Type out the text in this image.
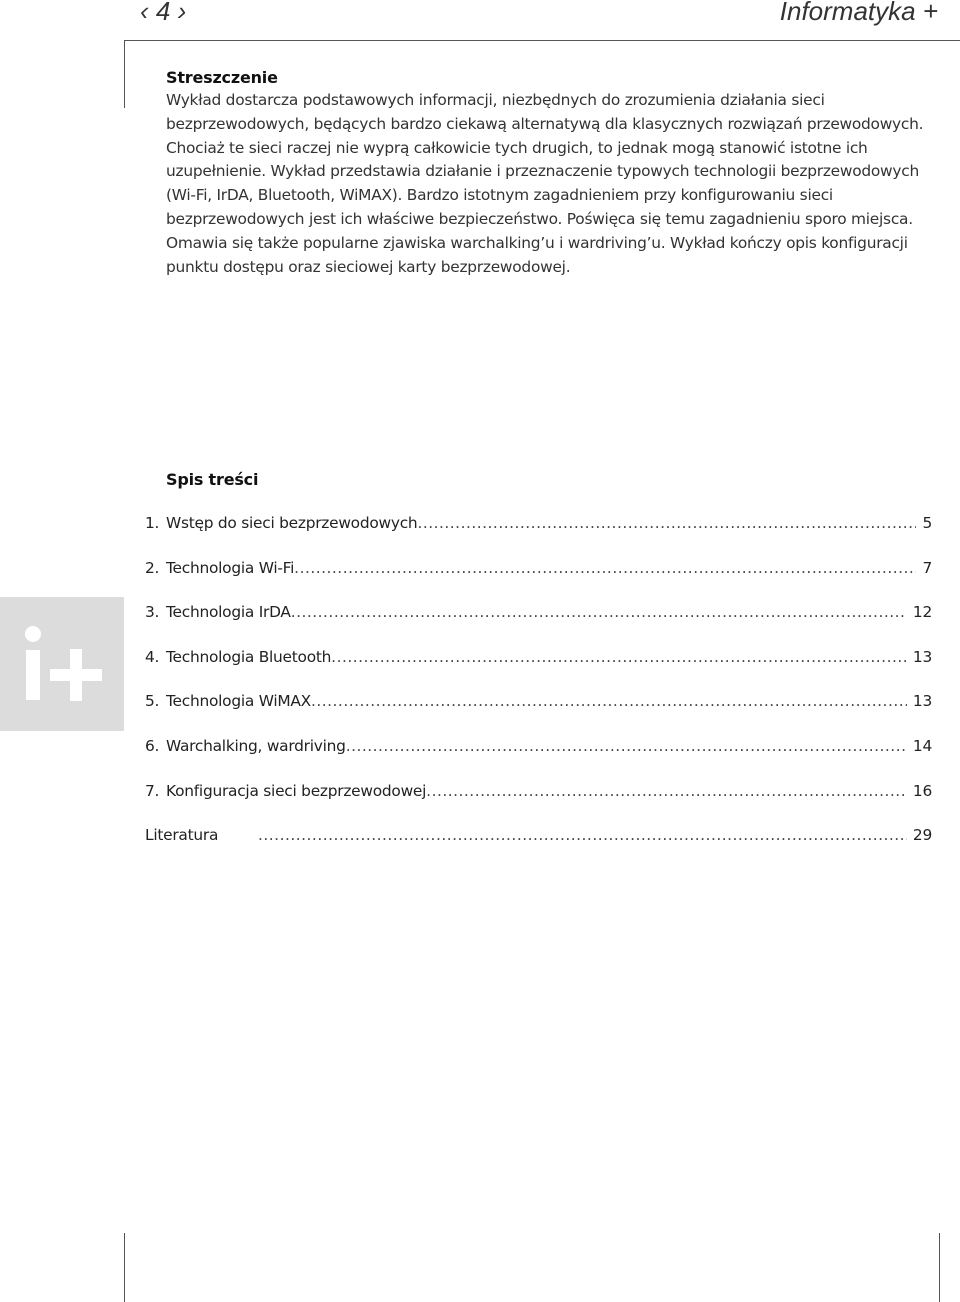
‹ 4 ›	Informatyka +
Streszczenie

Wykład dostarcza podstawowych informacji, niezbędnych do zrozumienia działania sieci bezprzewodowych, będących bardzo ciekawą alternatywą dla klasycznych rozwiązań przewodowych. Chociaż te sieci raczej nie wyprą całkowicie tych drugich, to jednak mogą stanowić istotne ich uzupełnienie. Wykład przedstawia działanie i przeznaczenie typowych technologii bezprzewodowych (Wi-Fi, IrDA, Bluetooth, WiMAX). Bardzo istotnym zagadnieniem przy konfigurowaniu sieci bezprzewodowych jest ich właściwe bezpieczeństwo. Poświęca się temu zagadnieniu sporo miejsca. Omawia się także popularne zjawiska warchalking’u i wardriving’u. Wykład kończy opis konfiguracji punktu dostępu oraz sieciowej karty bezprzewodowej.

Spis treści
1. Wstęp do sieci bezprzewodowych .....	5
2. Technologia Wi-Fi .....	7
3. Technologia IrDA .....	12
4. Technologia Bluetooth .....	13
5. Technologia WiMAX .....	13
6. Warchalking, wardriving .....	14
7. Konfiguracja sieci bezprzewodowej .....	16
Literatura .....	29
